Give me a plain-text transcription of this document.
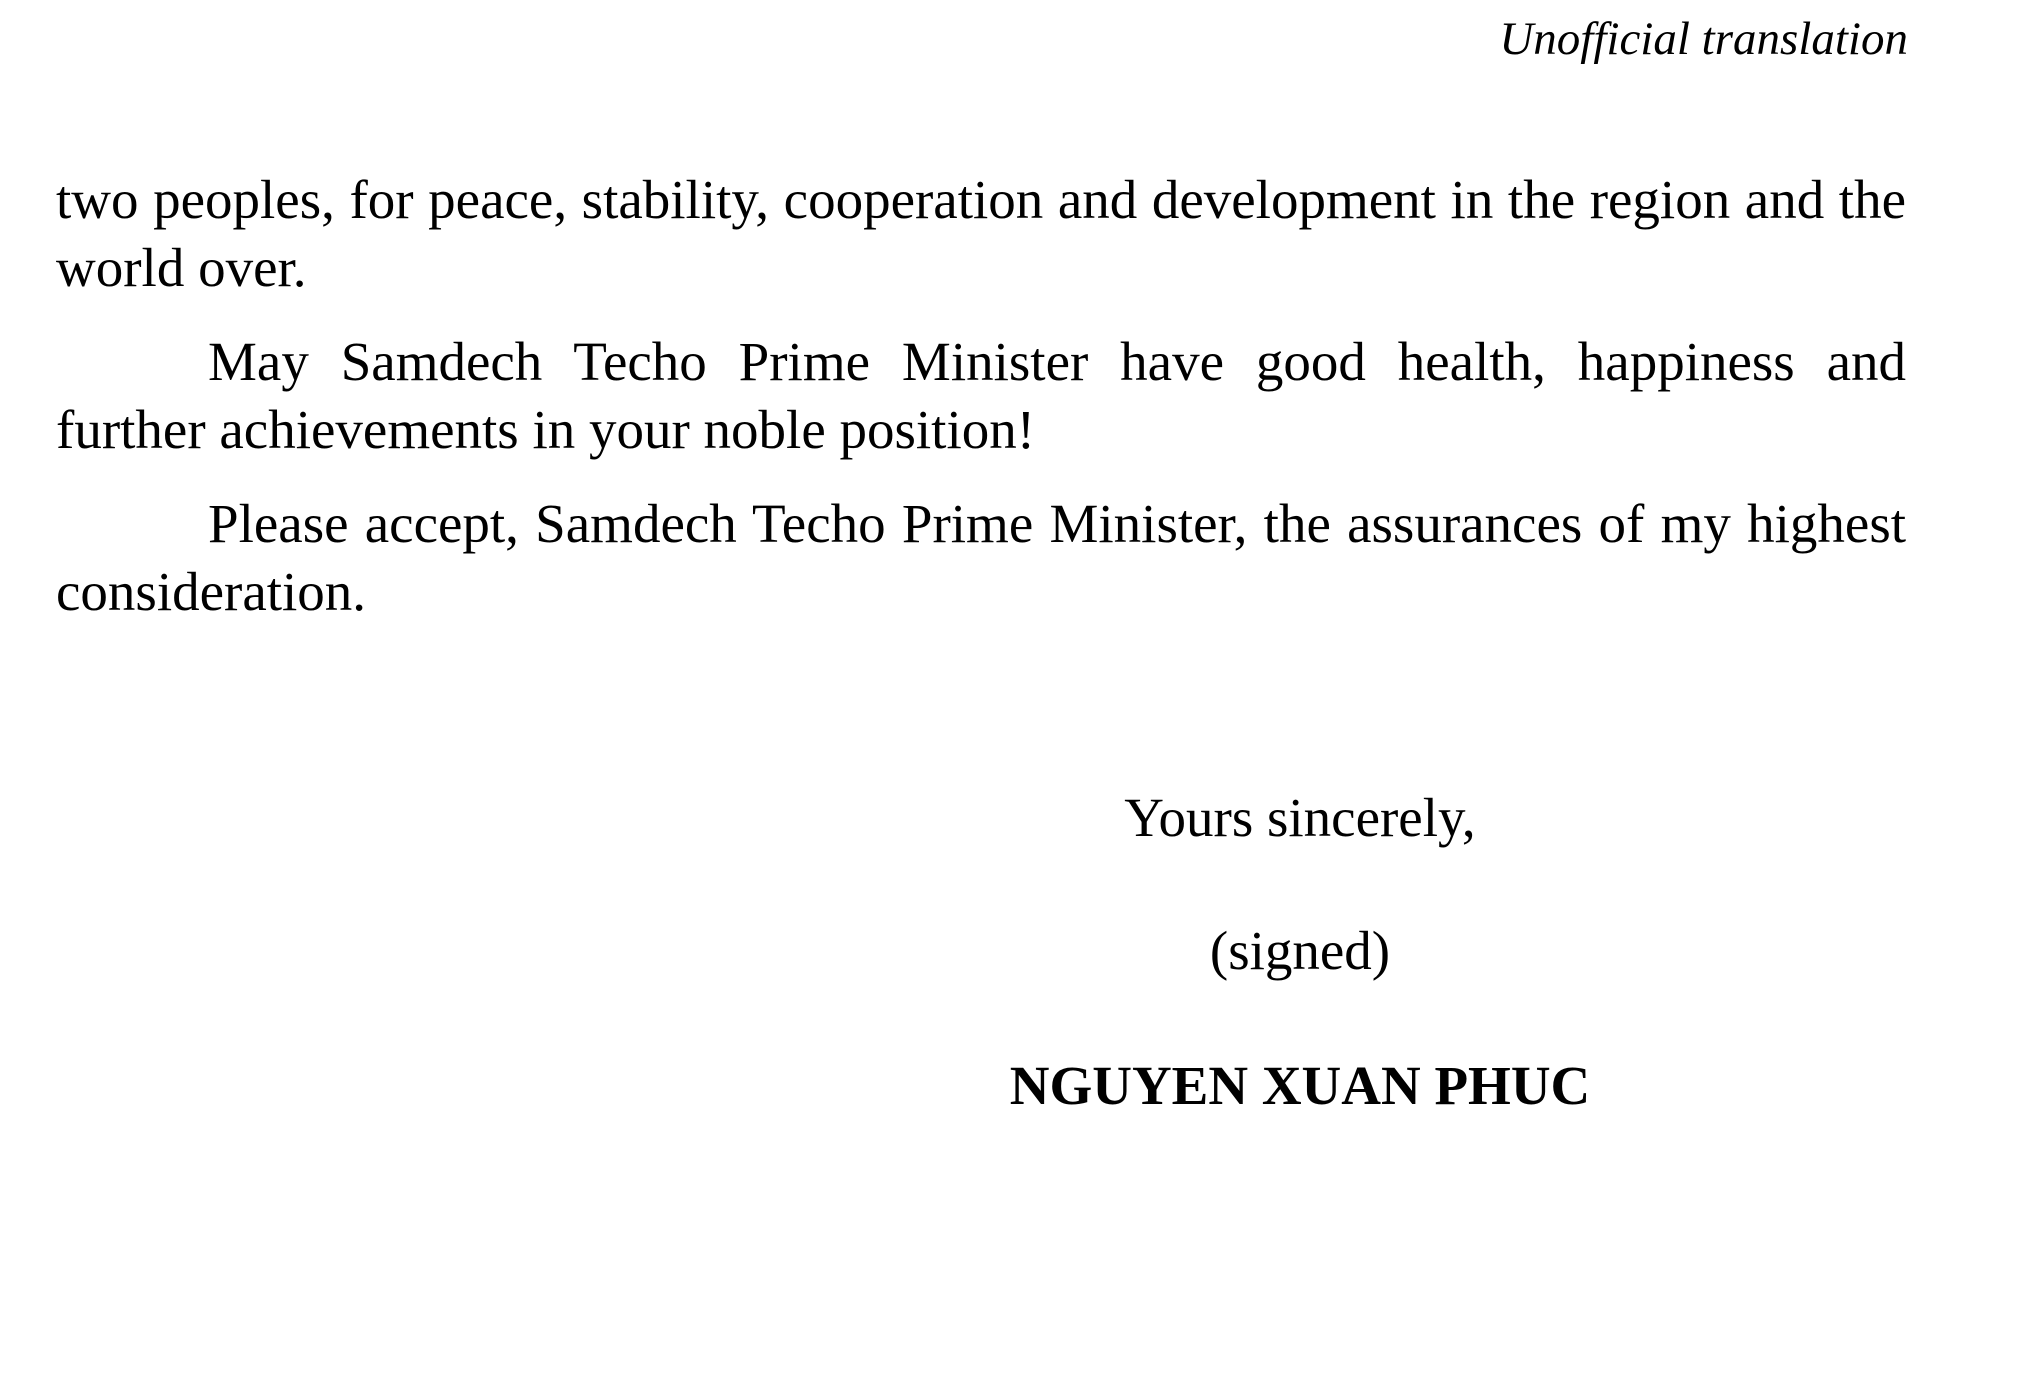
Unofficial translation

two peoples, for peace, stability, cooperation and development in the region and the world over.

May Samdech Techo Prime Minister have good health, happiness and further achievements in your noble position!

Please accept, Samdech Techo Prime Minister, the assurances of my highest consideration.

Yours sincerely,
(signed)
NGUYEN XUAN PHUC
